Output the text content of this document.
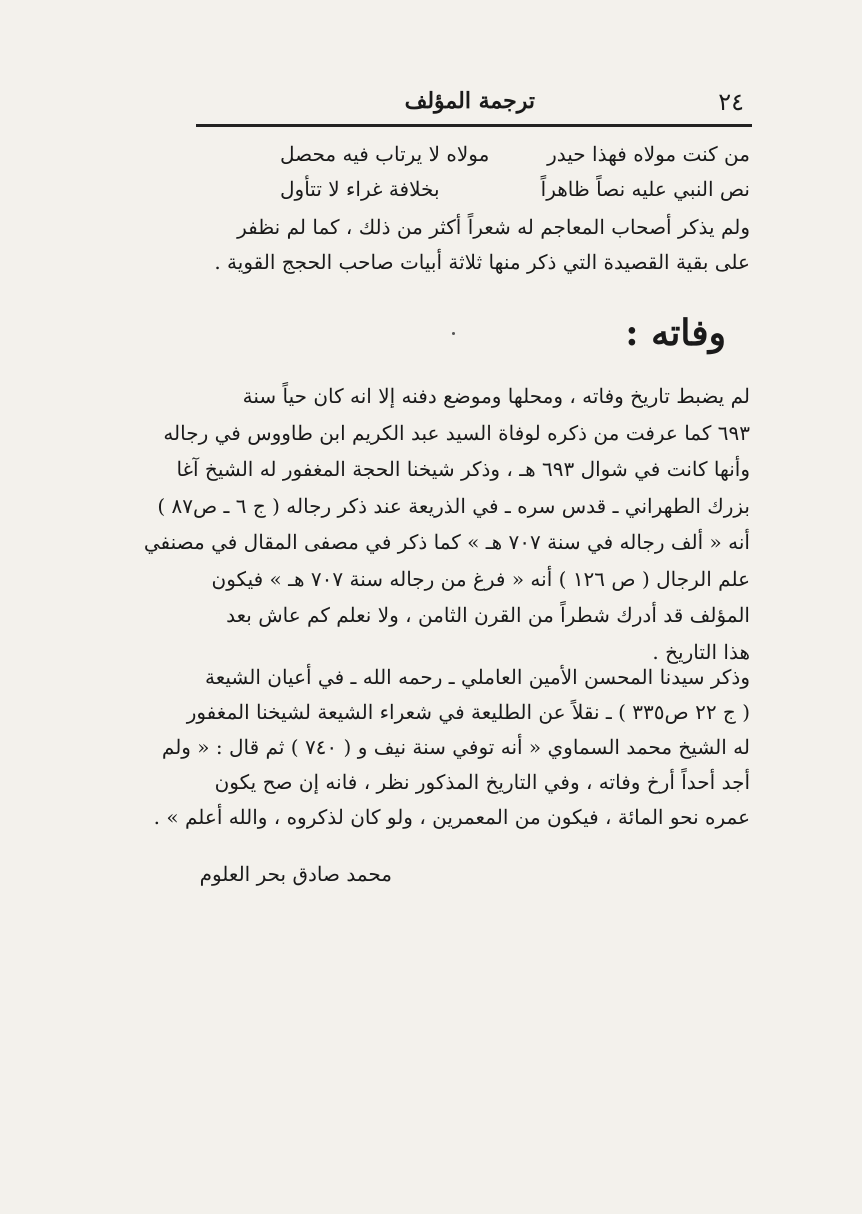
٢٤
ترجمة المؤلف
من كنت مولاه فهذا حيدر
مولاه لا يرتاب فيه محصل
نص النبي عليه نصاً ظاهراً
بخلافة غراء لا تتأول
ولم يذكر أصحاب المعاجم له شعراً أكثر من ذلك ، كما لم نظفر
على بقية القصيدة التي ذكر منها ثلاثة أبيات صاحب الحجج القوية .
وفاته :
لم يضبط تاريخ وفاته ، ومحلها وموضع دفنه إلا انه كان حياً سنة
٦٩٣ كما عرفت من ذكره لوفاة السيد عبد الكريم ابن طاووس في رجاله
وأنها كانت في شوال ٦٩٣ هـ ، وذكر شيخنا الحجة المغفور له الشيخ آغا
بزرك الطهراني ـ قدس سره ـ في الذريعة عند ذكر رجاله ( ج ٦ ـ ص٨٧ )
أنه « ألف رجاله في سنة ٧٠٧ هـ » كما ذكر في مصفى المقال في مصنفي
علم الرجال ( ص ١٢٦ ) أنه « فرغ من رجاله سنة ٧٠٧ هـ » فيكون
المؤلف قد أدرك شطراً من القرن الثامن ، ولا نعلم كم عاش بعد
هذا التاريخ .
وذكر سيدنا المحسن الأمين العاملي ـ رحمه الله ـ في أعيان الشيعة
( ج ٢٢ ص٣٣٥ ) ـ نقلاً عن الطليعة في شعراء الشيعة لشيخنا المغفور
له الشيخ محمد السماوي « أنه توفي سنة نيف و ( ٧٤٠ ) ثم قال : « ولم
أجد أحداً أرخ وفاته ، وفي التاريخ المذكور نظر ، فانه إن صح يكون
عمره نحو المائة ، فيكون من المعمرين ، ولو كان لذكروه ، والله أعلم » .
محمد صادق بحر العلوم
